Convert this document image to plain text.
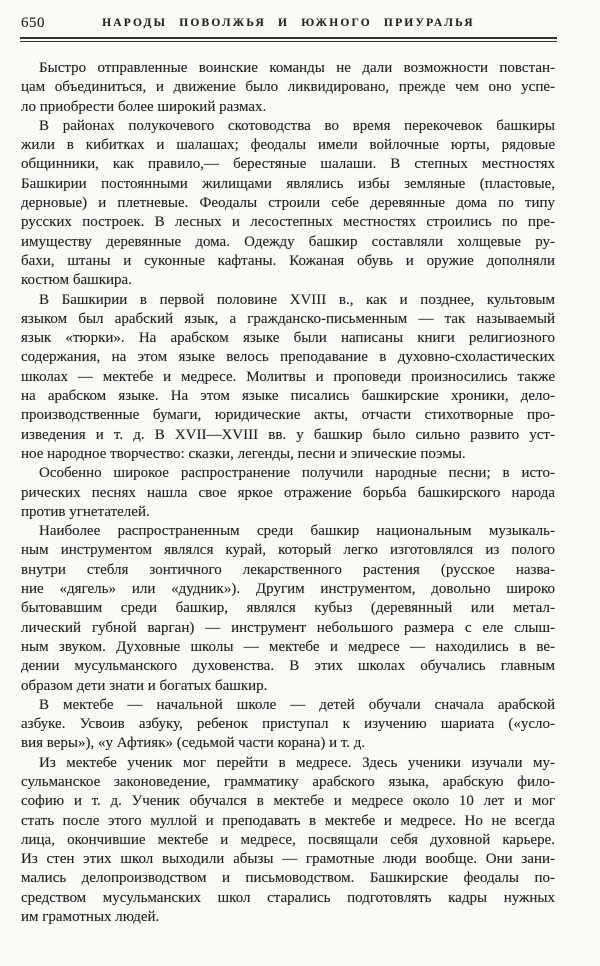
650	НАРОДЫ ПОВОЛЖЬЯ И ЮЖНОГО ПРИУРАЛЬЯ
Быстро отправленные воинские команды не дали возможности повстан-
цам объединиться, и движение было ликвидировано, прежде чем оно успе-
ло приобрести более широкий размах.
В районах полукочевого скотоводства во время перекочевок башкиры
жили в кибитках и шалашах; феодалы имели войлочные юрты, рядовые
общинники, как правило,— берестяные шалаши. В степных местностях
Башкирии постоянными жилищами являлись избы земляные (пластовые,
дерновые) и плетневые. Феодалы строили себе деревянные дома по типу
русских построек. В лесных и лесостепных местностях строились по пре-
имуществу деревянные дома. Одежду башкир составляли холщевые ру-
бахи, штаны и суконные кафтаны. Кожаная обувь и оружие дополняли
костюм башкира.
В Башкирии в первой половине XVIII в., как и позднее, культовым
языком был арабский язык, а гражданско-письменным — так называемый
язык «тюрки». На арабском языке были написаны книги религиозного
содержания, на этом языке велось преподавание в духовно-схоластических
школах — мектебе и медресе. Молитвы и проповеди произносились также
на арабском языке. На этом языке писались башкирские хроники, дело-
производственные бумаги, юридические акты, отчасти стихотворные про-
изведения и т. д. В XVII—XVIII вв. у башкир было сильно развито уст-
ное народное творчество: сказки, легенды, песни и эпические поэмы.
Особенно широкое распространение получили народные песни; в исто-
рических песнях нашла свое яркое отражение борьба башкирского народа
против угнетателей.
Наиболее распространенным среди башкир национальным музыкаль-
ным инструментом являлся курай, который легко изготовлялся из полого
внутри стебля зонтичного лекарственного растения (русское назва-
ние «дягель» или «дудник»). Другим инструментом, довольно широко
бытовавшим среди башкир, являлся кубыз (деревянный или метал-
лический губной варган) — инструмент небольшого размера с еле слыш-
ным звуком. Духовные школы — мектебе и медресе — находились в ве-
дении мусульманского духовенства. В этих школах обучались главным
образом дети знати и богатых башкир.
В мектебе — начальной школе — детей обучали сначала арабской
азбуке. Усвоив азбуку, ребенок приступал к изучению шариата («усло-
вия веры»), «у Афтияк» (седьмой части корана) и т. д.
Из мектебе ученик мог перейти в медресе. Здесь ученики изучали му-
сульманское законоведение, грамматику арабского языка, арабскую фило-
софию и т. д. Ученик обучался в мектебе и медресе около 10 лет и мог
стать после этого муллой и преподавать в мектебе и медресе. Но не всегда
лица, окончившие мектебе и медресе, посвящали себя духовной карьере.
Из стен этих школ выходили абызы — грамотные люди вообще. Они зани-
мались делопроизводством и письмоводством. Башкирские феодалы по-
средством мусульманских школ старались подготовлять кадры нужных
им грамотных людей.
